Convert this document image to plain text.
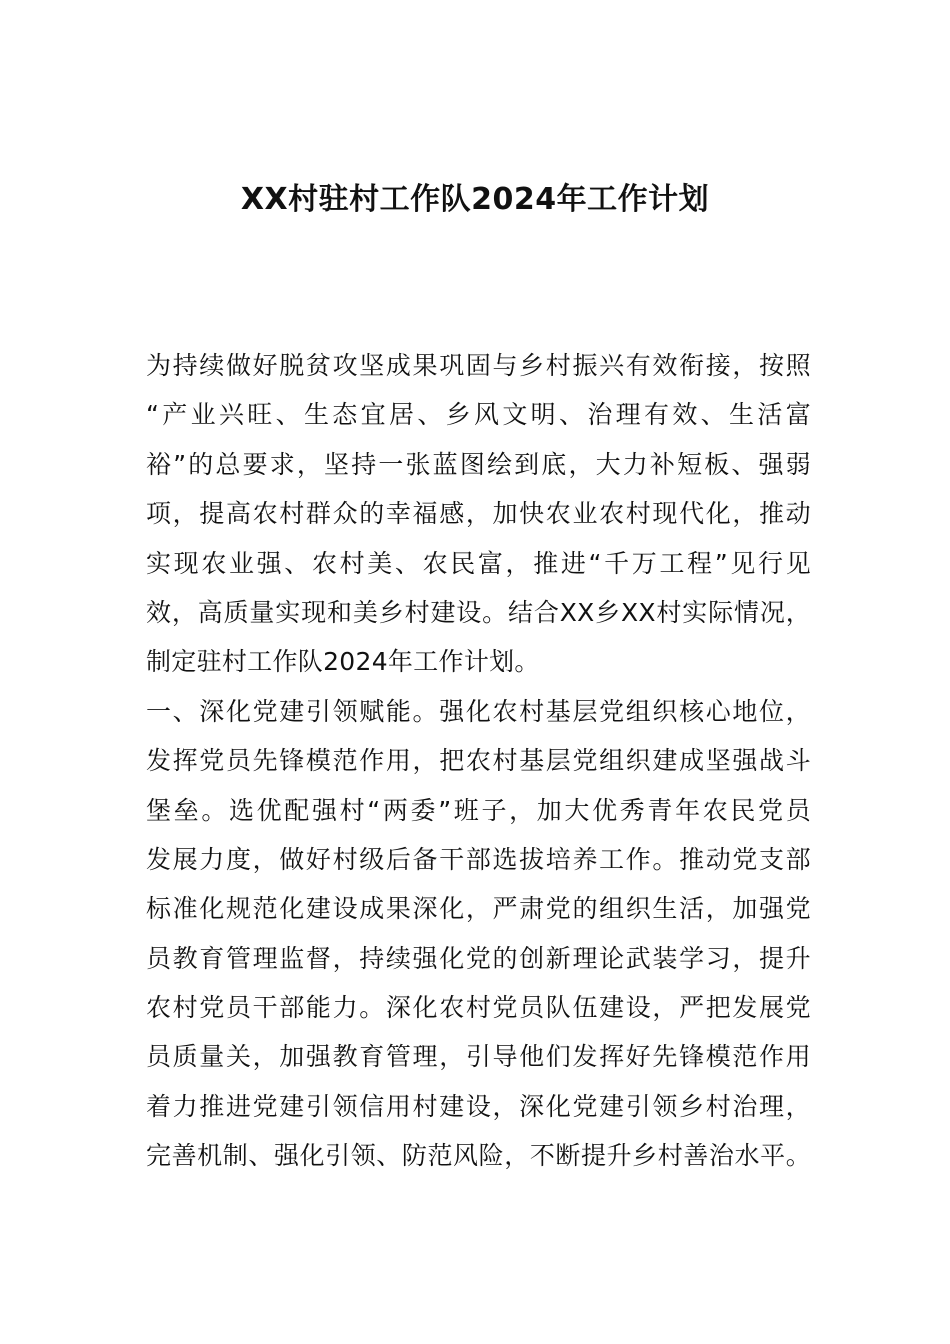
XX村驻村工作队2024年工作计划
为持续做好脱贫攻坚成果巩固与乡村振兴有效衔接，按照
“产业兴旺、生态宜居、乡风文明、治理有效、生活富
裕”的总要求，坚持一张蓝图绘到底，大力补短板、强弱
项，提高农村群众的幸福感，加快农业农村现代化，推动
实现农业强、农村美、农民富，推进“千万工程”见行见
效，高质量实现和美乡村建设。结合XX乡XX村实际情况，
制定驻村工作队2024年工作计划。
一、深化党建引领赋能。强化农村基层党组织核心地位，
发挥党员先锋模范作用，把农村基层党组织建成坚强战斗
堡垒。选优配强村“两委”班子，加大优秀青年农民党员
发展力度，做好村级后备干部选拔培养工作。推动党支部
标准化规范化建设成果深化，严肃党的组织生活，加强党
员教育管理监督，持续强化党的创新理论武装学习，提升
农村党员干部能力。深化农村党员队伍建设，严把发展党
员质量关，加强教育管理，引导他们发挥好先锋模范作用
着力推进党建引领信用村建设，深化党建引领乡村治理，
完善机制、强化引领、防范风险，不断提升乡村善治水平。
